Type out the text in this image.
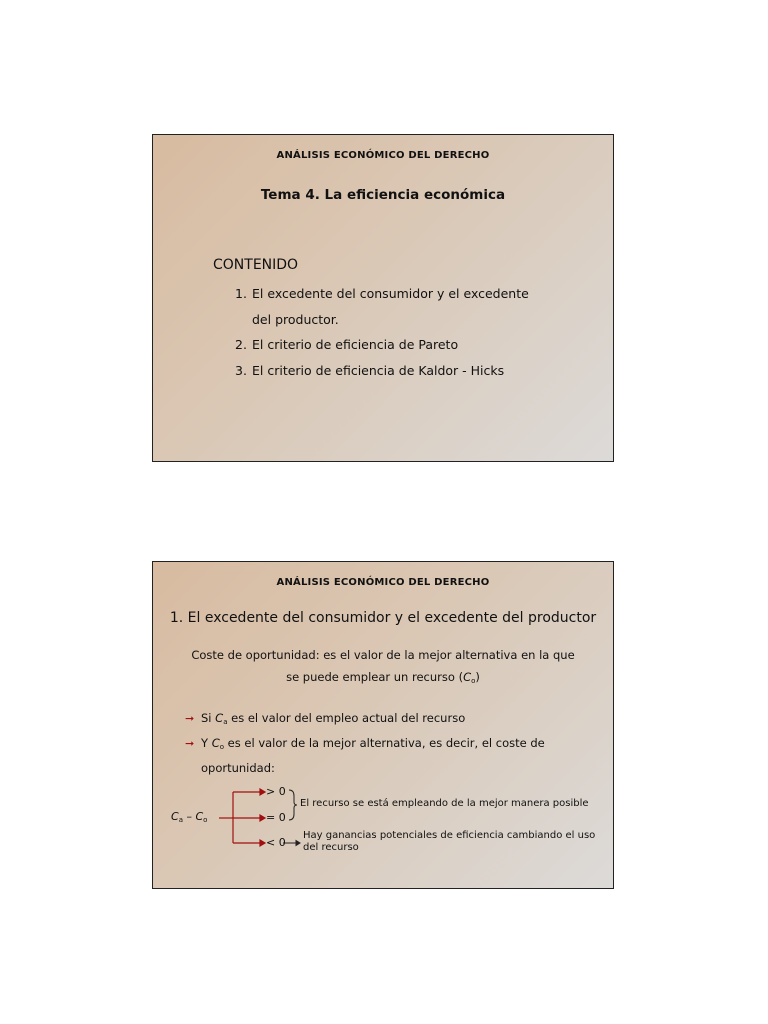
ANÁLISIS ECONÓMICO DEL DERECHO
Tema 4. La eficiencia económica
CONTENIDO
1. El excedente del consumidor y el excedente
del productor.
2. El criterio de eficiencia de Pareto
3. El criterio de eficiencia de Kaldor - Hicks
ANÁLISIS ECONÓMICO DEL DERECHO
1. El excedente del consumidor y el excedente del productor
Coste de oportunidad: es el valor de la mejor alternativa en la que
se puede emplear un recurso $(C_o)$
➞ Si $C_a$ es el valor del empleo actual del recurso
➞ Y $C_o$ es el valor de la mejor alternativa, es decir, el coste de
oportunidad:
$C_a - C_o$
> 0
= 0
< 0
El recurso se está empleando de la mejor manera posible
Hay ganancias potenciales de eficiencia cambiando el uso
del recurso
